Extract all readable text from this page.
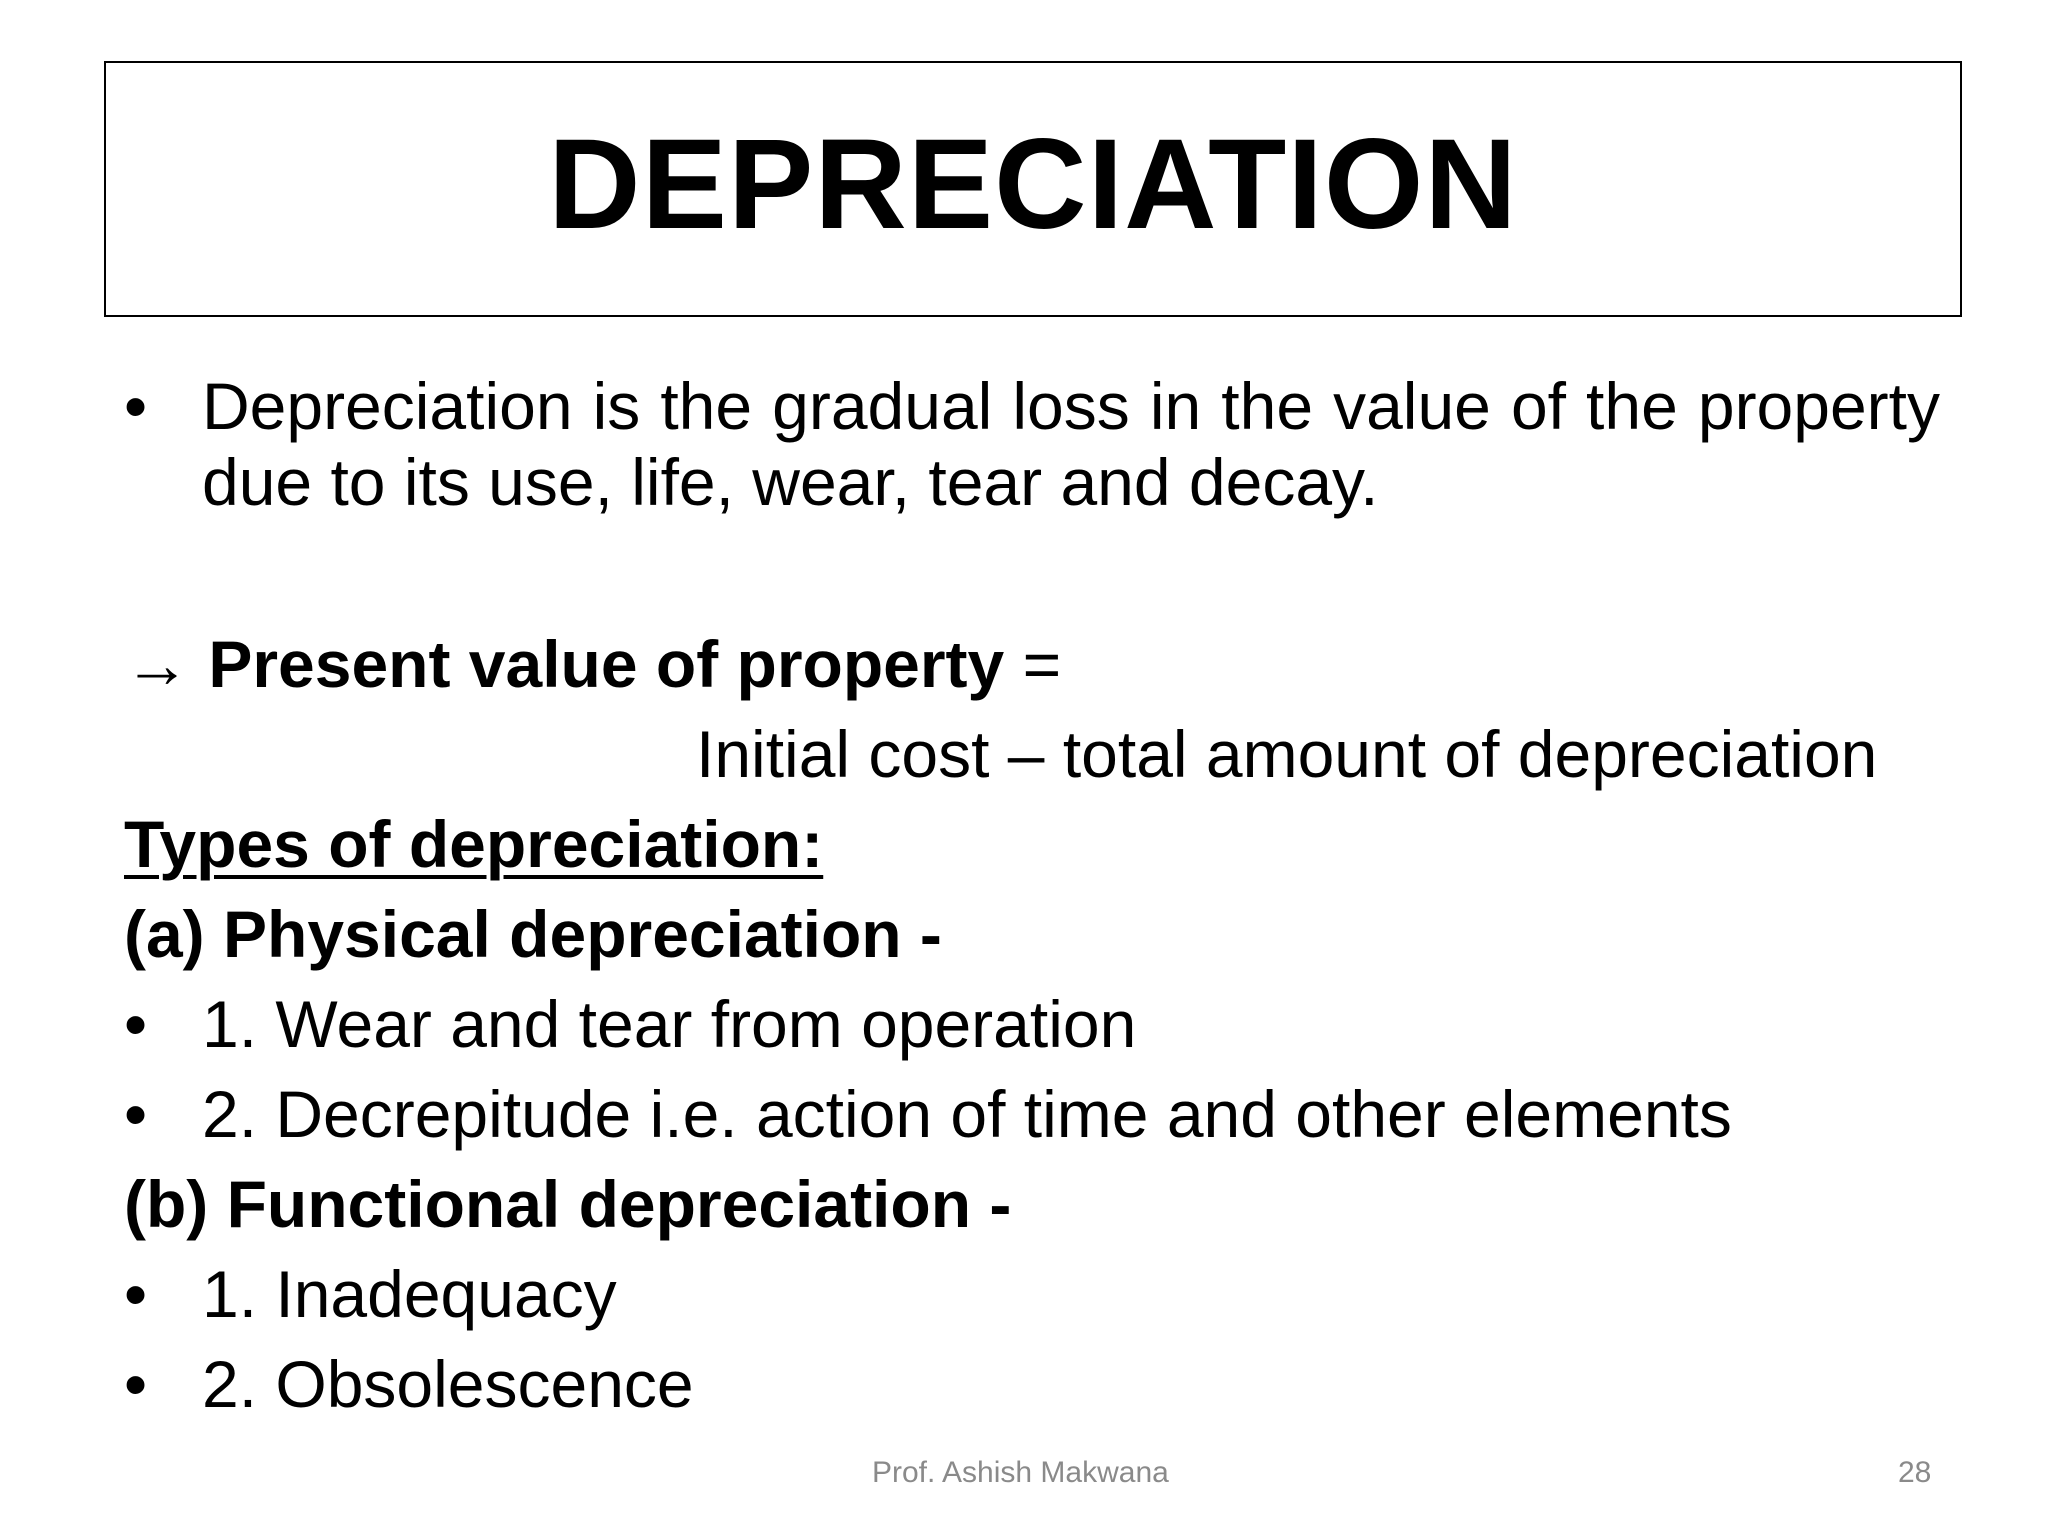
DEPRECIATION
• Depreciation is the gradual loss in the value of the property due to its use, life, wear, tear and decay.
→ Present value of property =
Initial cost – total amount of depreciation
Types of depreciation:
(a) Physical depreciation -
• 1. Wear and tear from operation
• 2. Decrepitude i.e. action of time and other elements
(b) Functional depreciation -
• 1. Inadequacy
• 2. Obsolescence
Prof. Ashish Makwana	28
